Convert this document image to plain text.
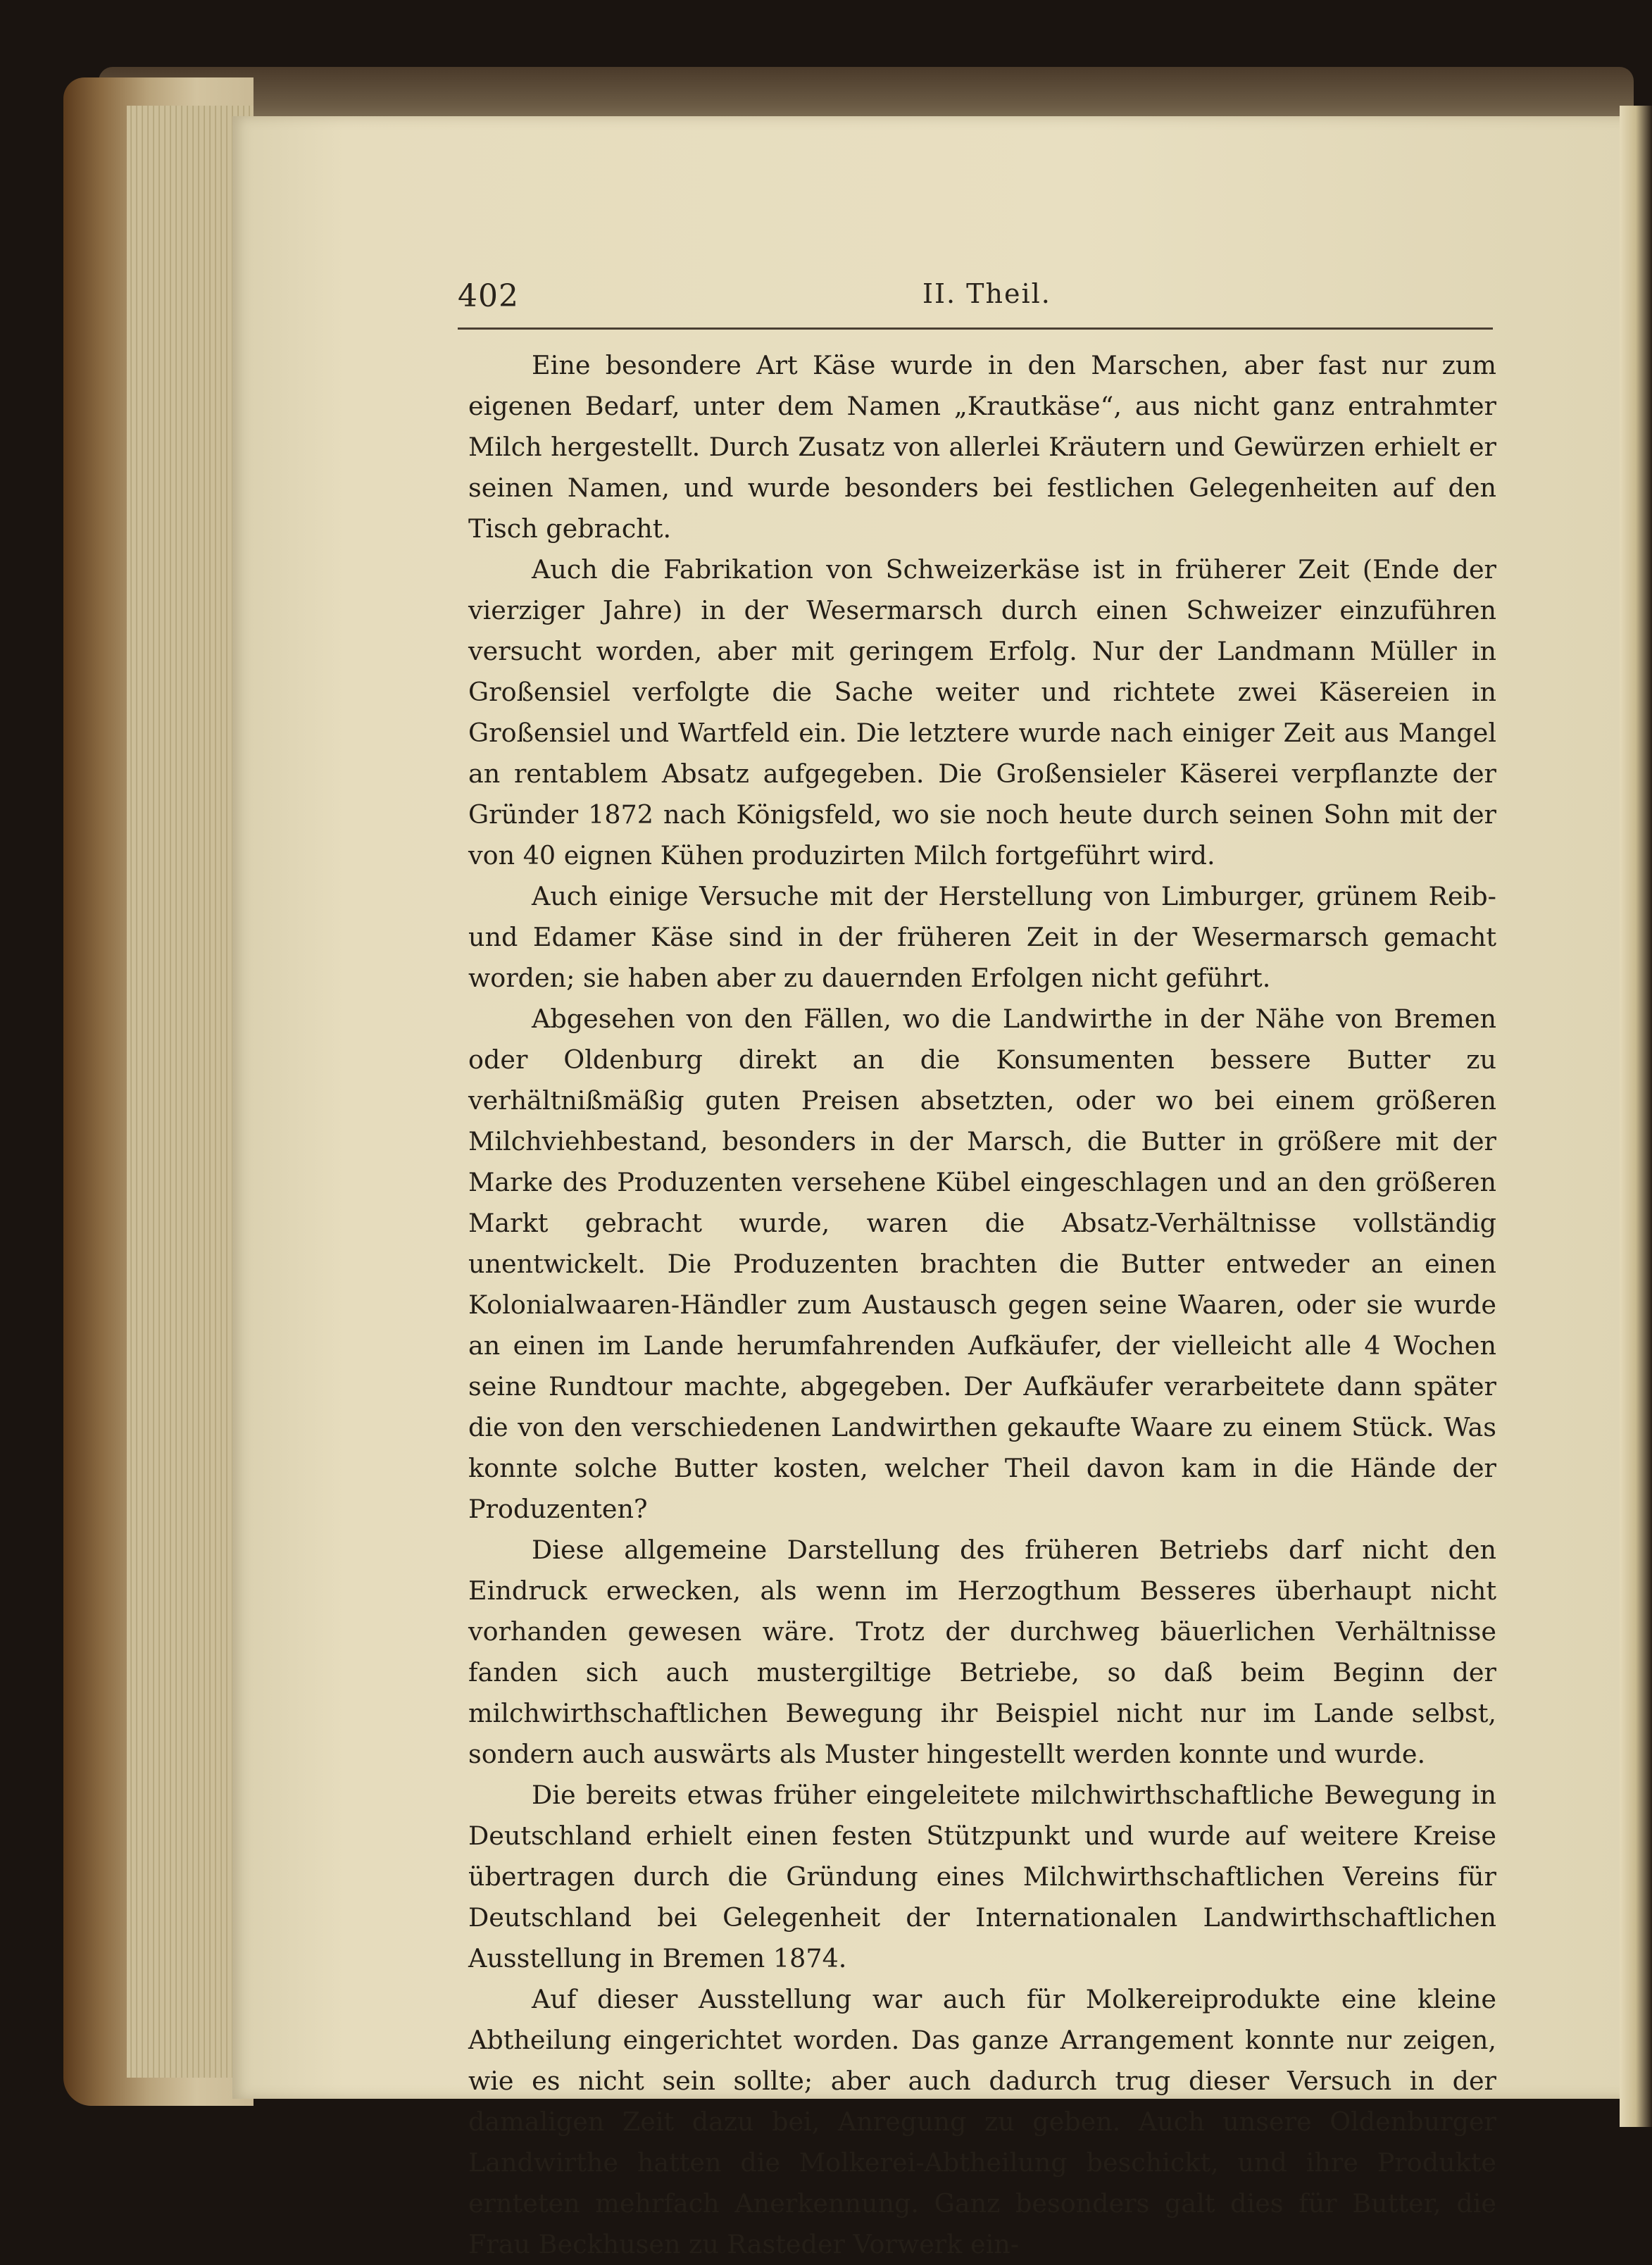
402	II. Theil.

Eine besondere Art Käse wurde in den Marschen, aber fast nur zum eigenen Bedarf, unter dem Namen „Krautkäse“, aus nicht ganz entrahmter Milch hergestellt. Durch Zusatz von allerlei Kräutern und Gewürzen erhielt er seinen Namen, und wurde besonders bei festlichen Gelegenheiten auf den Tisch gebracht.

Auch die Fabrikation von Schweizerkäse ist in früherer Zeit (Ende der vierziger Jahre) in der Wesermarsch durch einen Schweizer einzuführen versucht worden, aber mit geringem Erfolg. Nur der Landmann Müller in Großensiel verfolgte die Sache weiter und richtete zwei Käsereien in Großensiel und Wartfeld ein. Die letztere wurde nach einiger Zeit aus Mangel an rentablem Absatz aufgegeben. Die Großensieler Käserei verpflanzte der Gründer 1872 nach Königsfeld, wo sie noch heute durch seinen Sohn mit der von 40 eignen Kühen produzirten Milch fortgeführt wird.

Auch einige Versuche mit der Herstellung von Limburger, grünem Reib- und Edamer Käse sind in der früheren Zeit in der Wesermarsch gemacht worden; sie haben aber zu dauernden Erfolgen nicht geführt.

Abgesehen von den Fällen, wo die Landwirthe in der Nähe von Bremen oder Oldenburg direkt an die Konsumenten bessere Butter zu verhältnißmäßig guten Preisen absetzten, oder wo bei einem größeren Milchviehbestand, besonders in der Marsch, die Butter in größere mit der Marke des Produzenten versehene Kübel eingeschlagen und an den größeren Markt gebracht wurde, waren die Absatz-Verhältnisse vollständig unentwickelt. Die Produzenten brachten die Butter entweder an einen Kolonialwaaren-Händler zum Austausch gegen seine Waaren, oder sie wurde an einen im Lande herumfahrenden Aufkäufer, der vielleicht alle 4 Wochen seine Rundtour machte, abgegeben. Der Aufkäufer verarbeitete dann später die von den verschiedenen Landwirthen gekaufte Waare zu einem Stück. Was konnte solche Butter kosten, welcher Theil davon kam in die Hände der Produzenten?

Diese allgemeine Darstellung des früheren Betriebs darf nicht den Eindruck erwecken, als wenn im Herzogthum Besseres überhaupt nicht vorhanden gewesen wäre. Trotz der durchweg bäuerlichen Verhältnisse fanden sich auch mustergiltige Betriebe, so daß beim Beginn der milchwirthschaftlichen Bewegung ihr Beispiel nicht nur im Lande selbst, sondern auch auswärts als Muster hingestellt werden konnte und wurde.

Die bereits etwas früher eingeleitete milchwirthschaftliche Bewegung in Deutschland erhielt einen festen Stützpunkt und wurde auf weitere Kreise übertragen durch die Gründung eines Milchwirthschaftlichen Vereins für Deutschland bei Gelegenheit der Internationalen Landwirthschaftlichen Ausstellung in Bremen 1874.

Auf dieser Ausstellung war auch für Molkereiprodukte eine kleine Abtheilung eingerichtet worden. Das ganze Arrangement konnte nur zeigen, wie es nicht sein sollte; aber auch dadurch trug dieser Versuch in der damaligen Zeit dazu bei, Anregung zu geben. Auch unsere Oldenburger Landwirthe hatten die Molkerei-Abtheilung beschickt, und ihre Produkte ernteten mehrfach Anerkennung. Ganz besonders galt dies für Butter, die Frau Beckhusen zu Rasteder Vorwerk ein-
